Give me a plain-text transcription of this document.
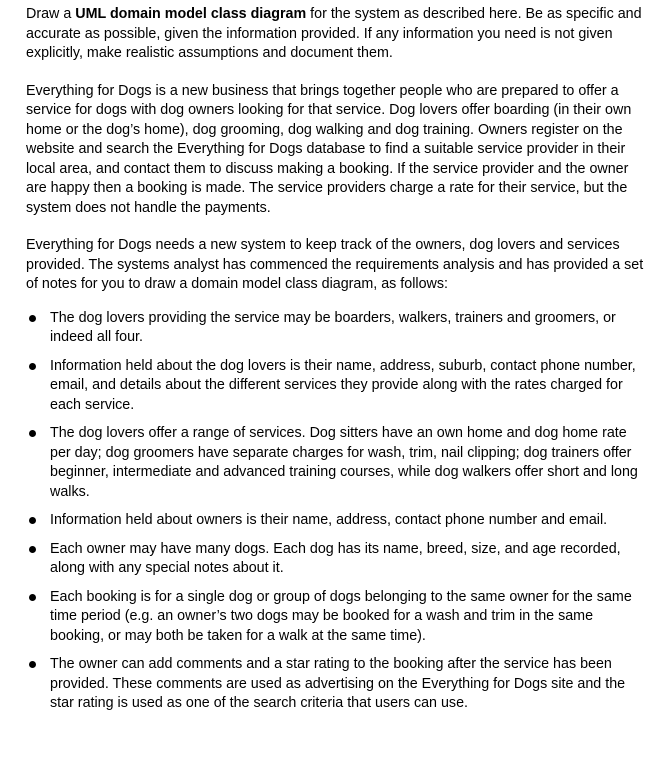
Draw a UML domain model class diagram for the system as described here. Be as specific and accurate as possible, given the information provided. If any information you need is not given explicitly, make realistic assumptions and document them.

Everything for Dogs is a new business that brings together people who are prepared to offer a service for dogs with dog owners looking for that service. Dog lovers offer boarding (in their own home or the dog’s home), dog grooming, dog walking and dog training. Owners register on the website and search the Everything for Dogs database to find a suitable service provider in their local area, and contact them to discuss making a booking. If the service provider and the owner are happy then a booking is made. The service providers charge a rate for their service, but the system does not handle the payments.

Everything for Dogs needs a new system to keep track of the owners, dog lovers and services provided. The systems analyst has commenced the requirements analysis and has provided a set of notes for you to draw a domain model class diagram, as follows:

The dog lovers providing the service may be boarders, walkers, trainers and groomers, or indeed all four.
Information held about the dog lovers is their name, address, suburb, contact phone number, email, and details about the different services they provide along with the rates charged for each service.
The dog lovers offer a range of services. Dog sitters have an own home and dog home rate per day; dog groomers have separate charges for wash, trim, nail clipping; dog trainers offer beginner, intermediate and advanced training courses, while dog walkers offer short and long walks.
Information held about owners is their name, address, contact phone number and email.
Each owner may have many dogs. Each dog has its name, breed, size, and age recorded, along with any special notes about it.
Each booking is for a single dog or group of dogs belonging to the same owner for the same time period (e.g. an owner’s two dogs may be booked for a wash and trim in the same booking, or may both be taken for a walk at the same time).
The owner can add comments and a star rating to the booking after the service has been provided. These comments are used as advertising on the Everything for Dogs site and the star rating is used as one of the search criteria that users can use.
